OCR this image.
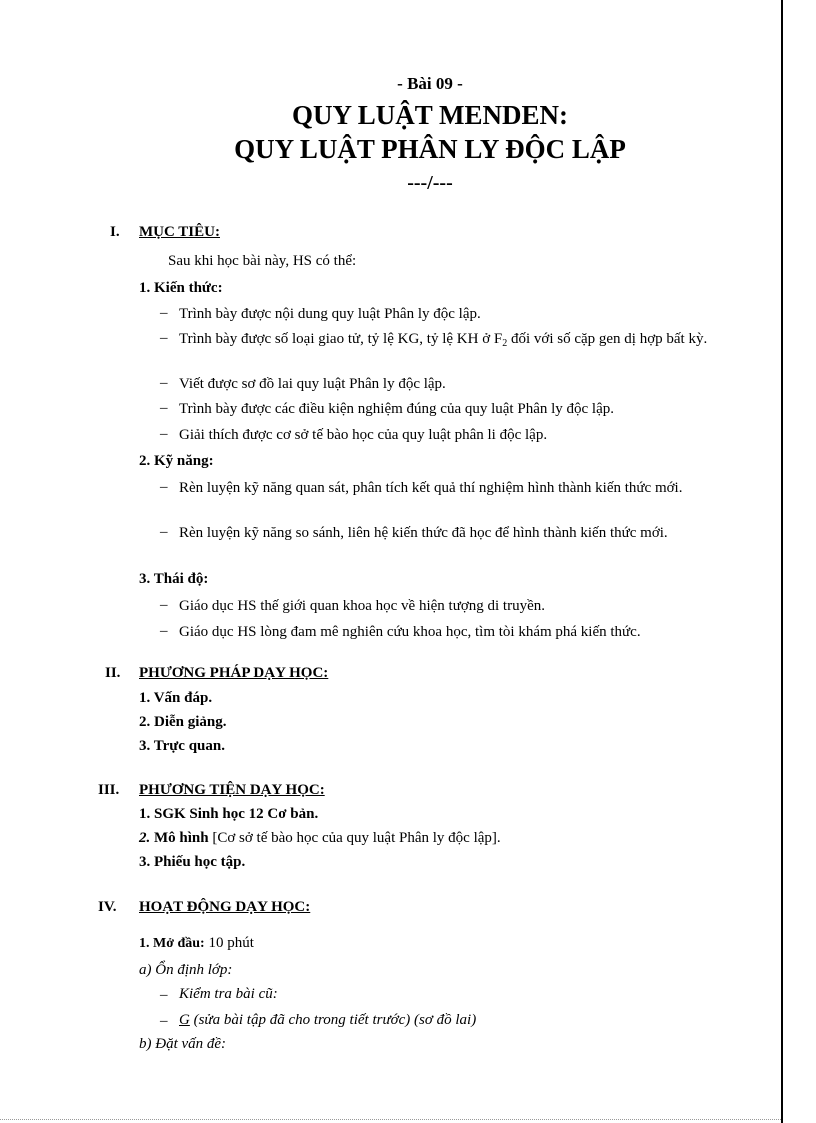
- Bài 09 -
QUY LUẬT MENDEN:
QUY LUẬT PHÂN LY ĐỘC LẬP
---/---
I. MỤC TIÊU:
Sau khi học bài này, HS có thể:
1. Kiến thức:
– Trình bày được nội dung quy luật Phân ly độc lập.
– Trình bày được số loại giao tử, tỷ lệ KG, tỷ lệ KH ở $F_2$ đối với số cặp gen dị hợp bất kỳ.
– Viết được sơ đồ lai quy luật Phân ly độc lập.
– Trình bày được các điều kiện nghiệm đúng của quy luật Phân ly độc lập.
– Giải thích được cơ sở tế bào học của quy luật phân li độc lập.
2. Kỹ năng:
– Rèn luyện kỹ năng quan sát, phân tích kết quả thí nghiệm hình thành kiến thức mới.
– Rèn luyện kỹ năng so sánh, liên hệ kiến thức đã học để hình thành kiến thức mới.
3. Thái độ:
– Giáo dục HS thế giới quan khoa học về hiện tượng di truyền.
– Giáo dục HS lòng đam mê nghiên cứu khoa học, tìm tòi khám phá kiến thức.
II. PHƯƠNG PHÁP DẠY HỌC:
1. Vấn đáp.
2. Diễn giảng.
3. Trực quan.
III. PHƯƠNG TIỆN DẠY HỌC:
1. SGK Sinh học 12 Cơ bản.
2. Mô hình [Cơ sở tế bào học của quy luật Phân ly độc lập].
3. Phiếu học tập.
IV. HOẠT ĐỘNG DẠY HỌC:
1. Mở đầu: 10 phút
a) Ổn định lớp:
– Kiểm tra bài cũ:
– G (sửa bài tập đã cho trong tiết trước) (sơ đồ lai)
b) Đặt vấn đề:
